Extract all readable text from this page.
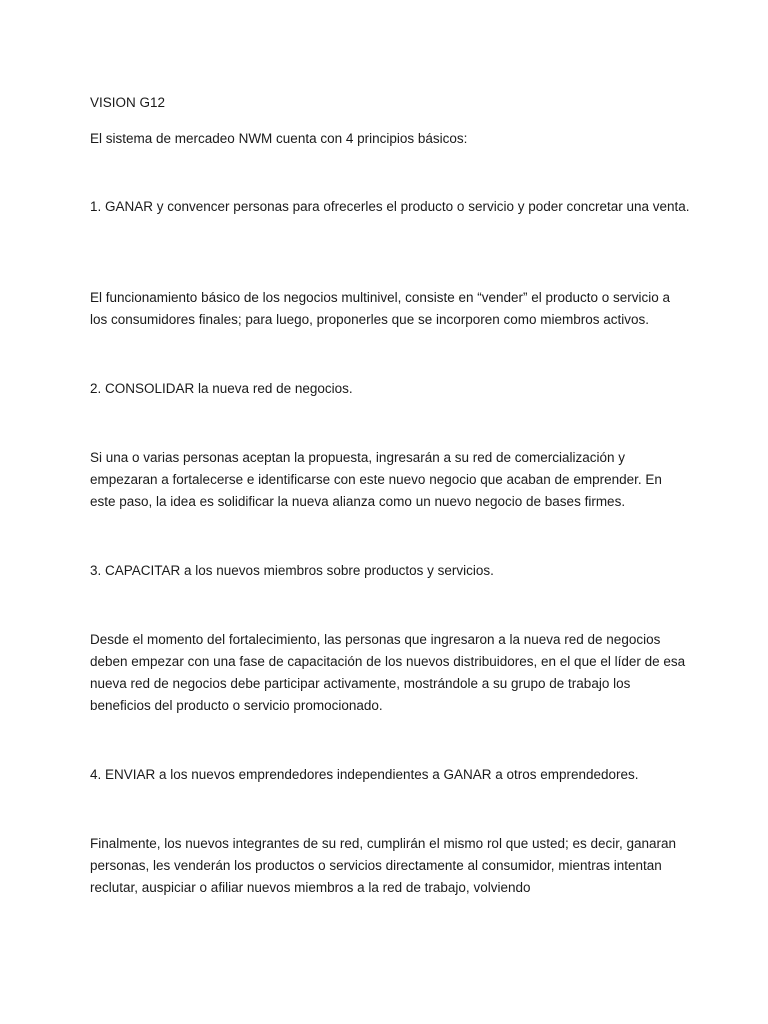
VISION G12

El sistema de mercadeo NWM cuenta con 4 principios básicos:

1. GANAR y convencer personas para ofrecerles el producto o servicio y poder concretar una venta.

El funcionamiento básico de los negocios multinivel, consiste en “vender” el producto o servicio a los consumidores finales; para luego, proponerles que se incorporen como miembros activos.

2. CONSOLIDAR la nueva red de negocios.

Si una o varias personas aceptan la propuesta, ingresarán a su red de comercialización y empezaran a fortalecerse e identificarse con este nuevo negocio que acaban de emprender. En este paso, la idea es solidificar la nueva alianza como un nuevo negocio de bases firmes.

3. CAPACITAR a los nuevos miembros sobre productos y servicios.

Desde el momento del fortalecimiento, las personas que ingresaron a la nueva red de negocios deben empezar con una fase de capacitación de los nuevos distribuidores, en el que el líder de esa nueva red de negocios debe participar activamente, mostrándole a su grupo de trabajo los beneficios del producto o servicio promocionado.

4. ENVIAR a los nuevos emprendedores independientes a GANAR a otros emprendedores.

Finalmente, los nuevos integrantes de su red, cumplirán el mismo rol que usted; es decir, ganaran personas, les venderán los productos o servicios directamente al consumidor, mientras intentan reclutar, auspiciar o afiliar nuevos miembros a la red de trabajo, volviendo
